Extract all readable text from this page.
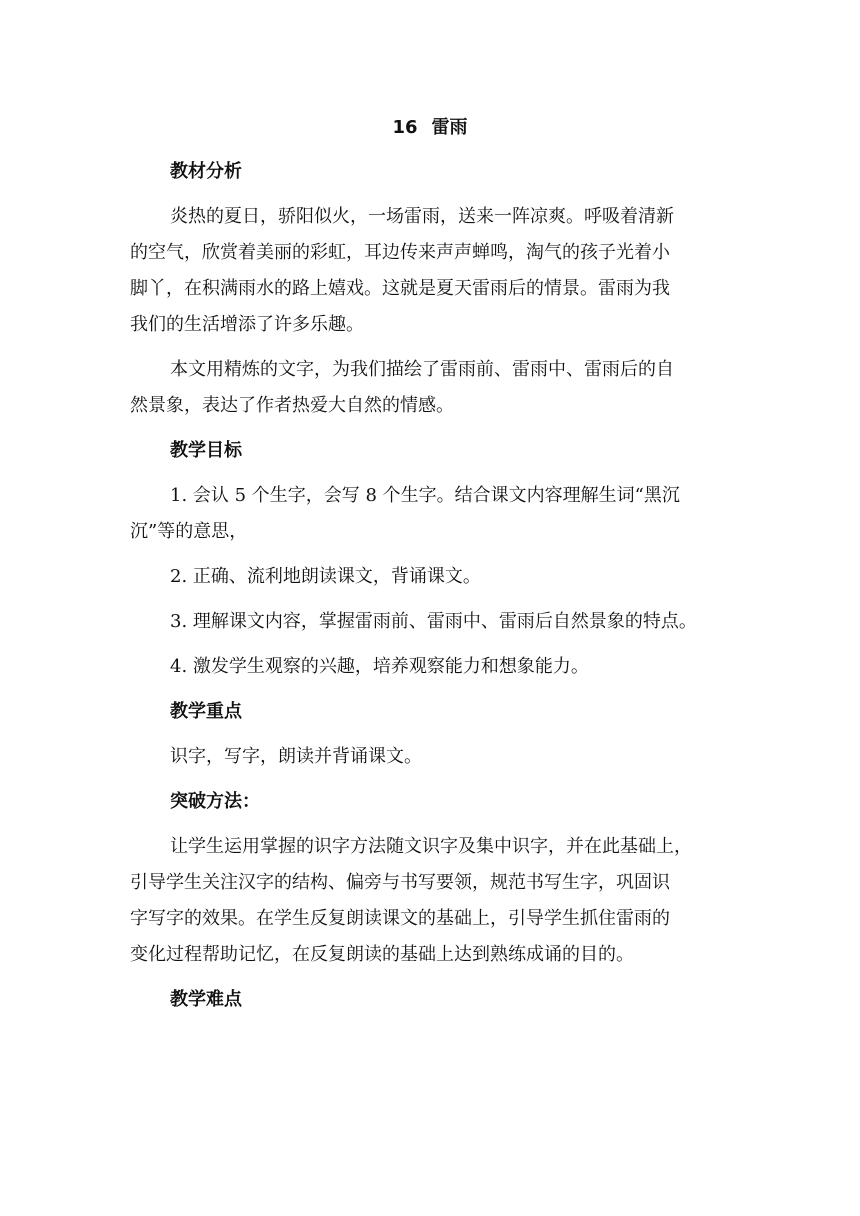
16 雷雨
教材分析
炎热的夏日，骄阳似火，一场雷雨，送来一阵凉爽。呼吸着清新
的空气，欣赏着美丽的彩虹，耳边传来声声蝉鸣，淘气的孩子光着小
脚丫，在积满雨水的路上嬉戏。这就是夏天雷雨后的情景。雷雨为我
我们的生活增添了许多乐趣。
本文用精炼的文字，为我们描绘了雷雨前、雷雨中、雷雨后的自
然景象，表达了作者热爱大自然的情感。
教学目标
1. 会认 5 个生字，会写 8 个生字。结合课文内容理解生词“黑沉
沉”等的意思，
2. 正确、流利地朗读课文，背诵课文。
3. 理解课文内容，掌握雷雨前、雷雨中、雷雨后自然景象的特点。
4. 激发学生观察的兴趣，培养观察能力和想象能力。
教学重点
识字，写字，朗读并背诵课文。
突破方法：
让学生运用掌握的识字方法随文识字及集中识字，并在此基础上，
引导学生关注汉字的结构、偏旁与书写要领，规范书写生字，巩固识
字写字的效果。在学生反复朗读课文的基础上，引导学生抓住雷雨的
变化过程帮助记忆，在反复朗读的基础上达到熟练成诵的目的。
教学难点
